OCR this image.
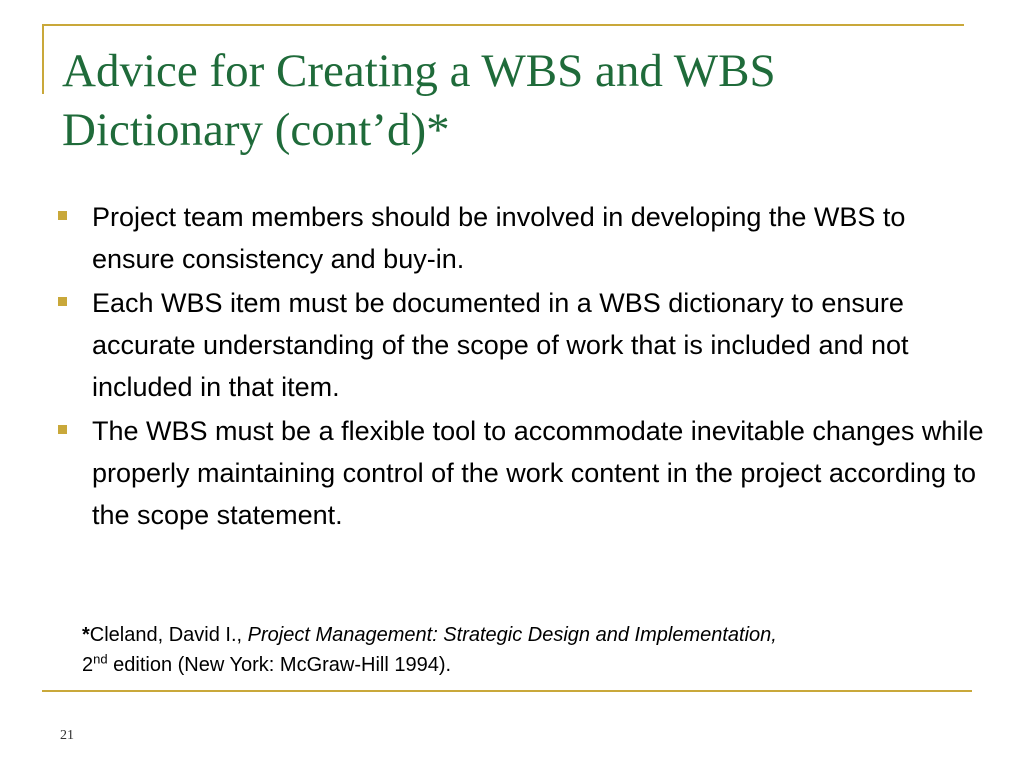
Advice for Creating a WBS and WBS
Dictionary (cont’d)*
Project team members should be involved in developing the WBS to ensure consistency and buy-in.
Each WBS item must be documented in a WBS dictionary to ensure accurate understanding of the scope of work that is included and not included in that item.
The WBS must be a flexible tool to accommodate inevitable changes while properly maintaining control of the work content in the project according to the scope statement.
*Cleland, David I., Project Management: Strategic Design and Implementation,
2nd edition (New York: McGraw-Hill 1994).
21
